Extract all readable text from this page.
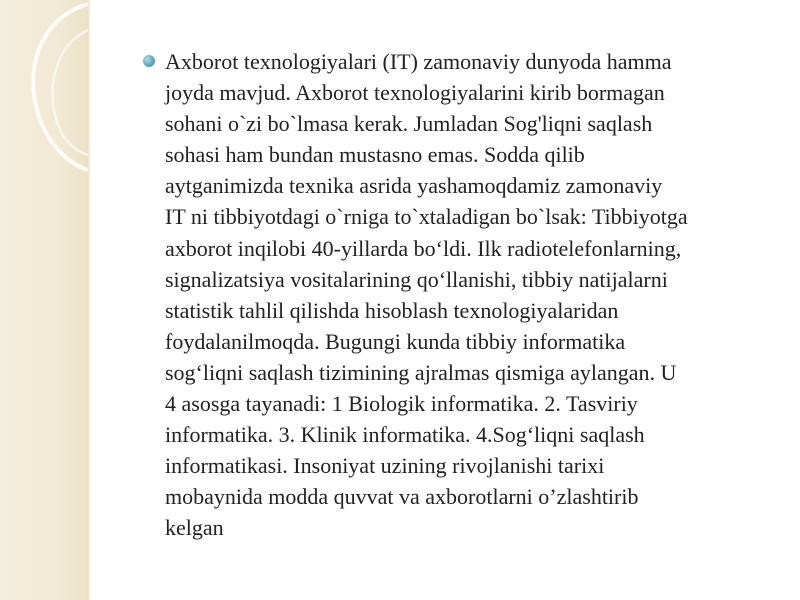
Axborot texnologiyalari (IT) zamonaviy dunyoda hamma
joyda mavjud. Axborot texnologiyalarini kirib bormagan
sohani o`zi bo`lmasa kerak. Jumladan Sog'liqni saqlash
sohasi ham bundan mustasno emas. Sodda qilib
aytganimizda texnika asrida yashamoqdamiz zamonaviy
IT ni tibbiyotdagi o`rniga to`xtaladigan bo`lsak: Tibbiyotga
axborot inqilobi 40-yillarda bo‘ldi. Ilk radiotelefonlarning,
signalizatsiya vositalarining qo‘llanishi, tibbiy natijalarni
statistik tahlil qilishda hisoblash texnologiyalaridan
foydalanilmoqda. Bugungi kunda tibbiy informatika
sog‘liqni saqlash tizimining ajralmas qismiga aylangan. U
4 asosga tayanadi: 1 Biologik informatika. 2. Tasviriy
informatika. 3. Klinik informatika. 4.Sog‘liqni saqlash
informatikasi. Insoniyat uzining rivojlanishi tarixi
mobaynida modda quvvat va axborotlarni o’zlashtirib
kelgan
